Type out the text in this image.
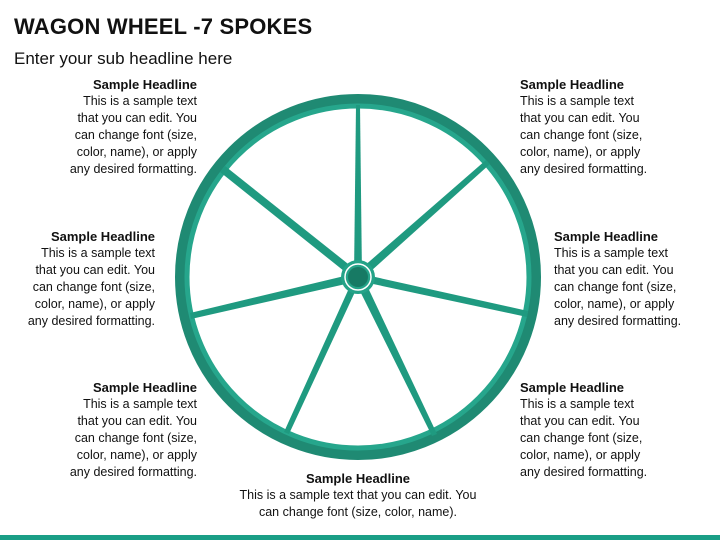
WAGON WHEEL -7 SPOKES
Enter your sub headline here
Sample Headline
This is a sample text
that you can edit. You
can change font (size,
color, name), or apply
any desired formatting.
Sample Headline
This is a sample text
that you can edit. You
can change font (size,
color, name), or apply
any desired formatting.
Sample Headline
This is a sample text
that you can edit. You
can change font (size,
color, name), or apply
any desired formatting.
Sample Headline
This is a sample text
that you can edit. You
can change font (size,
color, name), or apply
any desired formatting.
Sample Headline
This is a sample text
that you can edit. You
can change font (size,
color, name), or apply
any desired formatting.
Sample Headline
This is a sample text
that you can edit. You
can change font (size,
color, name), or apply
any desired formatting.
Sample Headline
This is a sample text that you can edit. You
can change font (size, color, name).
